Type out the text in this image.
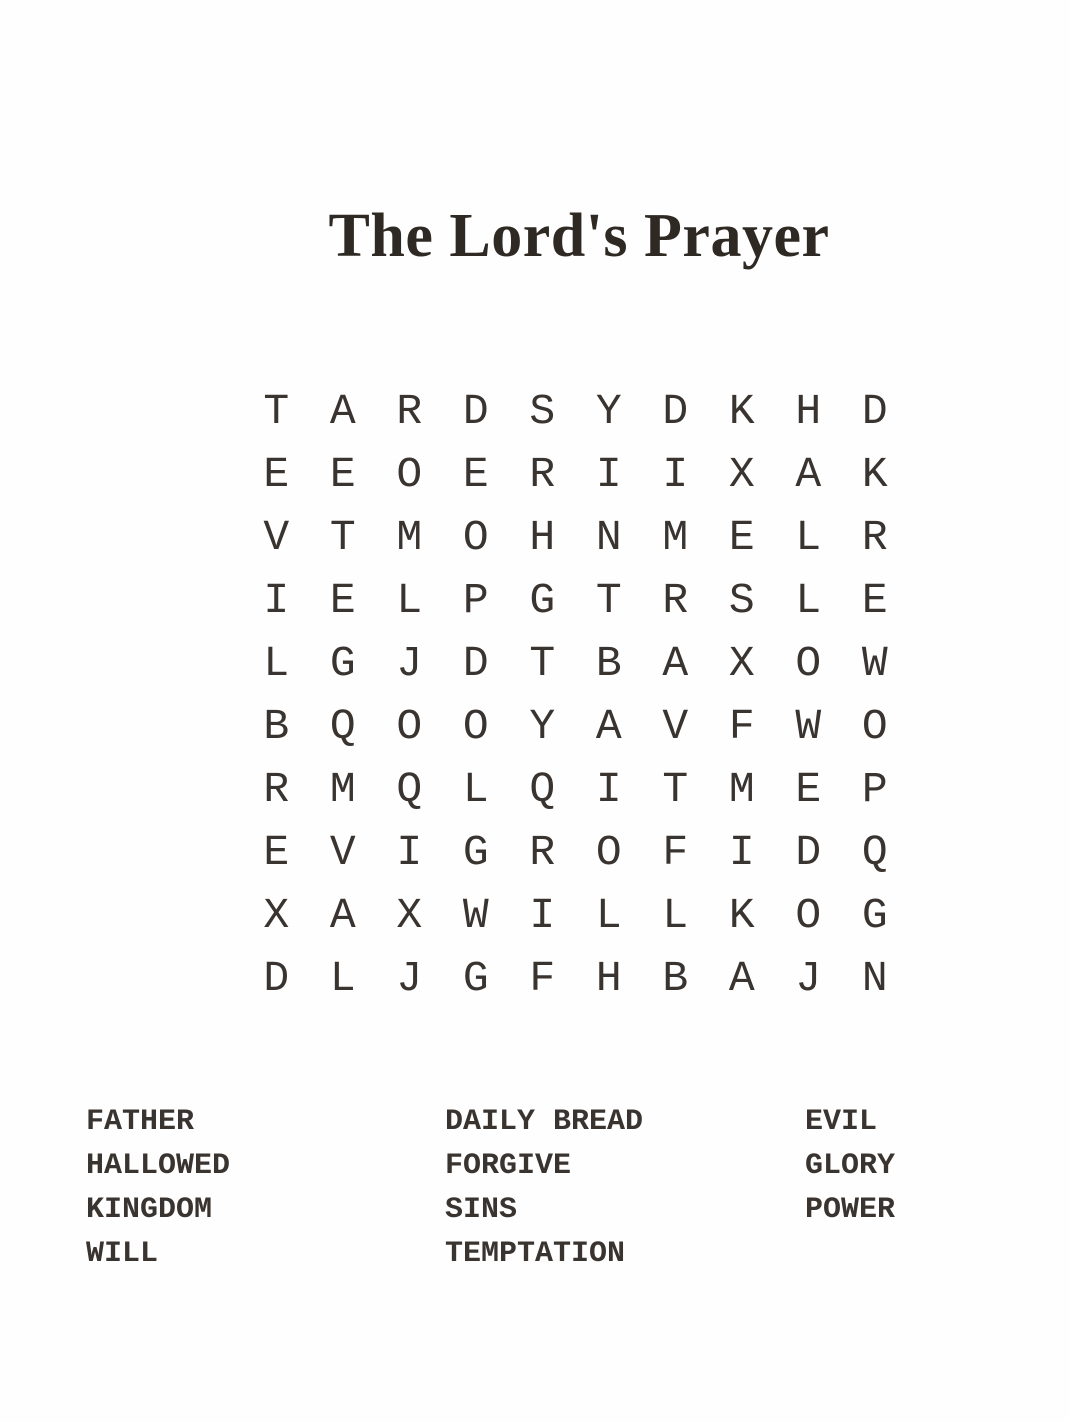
The Lord's Prayer
T A R D S Y D K H D
E E O E R I I X A K
V T M O H N M E L R
I E L P G T R S L E
L G J D T B A X O W
B Q O O Y A V F W O
R M Q L Q I T M E P
E V I G R O F I D Q
X A X W I L L K O G
D L J G F H B A J N
FATHER
HALLOWED
KINGDOM
WILL
DAILY BREAD
FORGIVE
SINS
TEMPTATION
EVIL
GLORY
POWER
